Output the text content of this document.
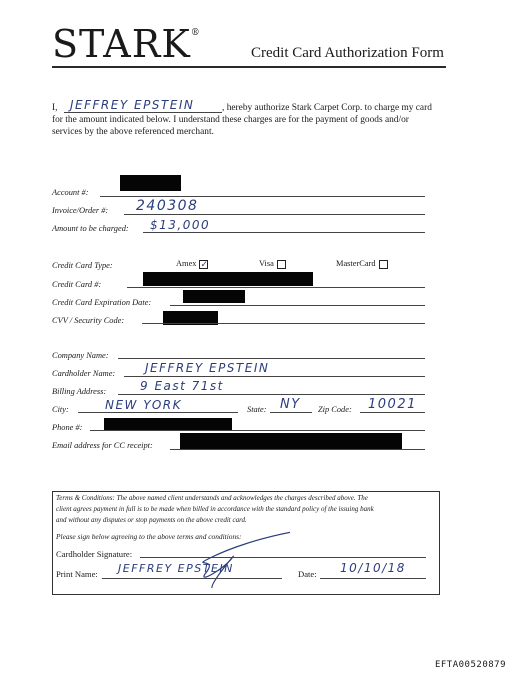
STARK®
Credit Card Authorization Form
I, JEFFREY EPSTEIN	, hereby authorize Stark Carpet Corp. to charge my card
for the amount indicated below. I understand these charges are for the payment of goods and/or
services by the above referenced merchant.
Account #:
Invoice/Order #: 240308
Amount to be charged: $13,000
Credit Card Type:	Amex ✓	Visa	MasterCard
Credit Card #:
Credit Card Expiration Date:
CVV / Security Code:
Company Name:
Cardholder Name: JEFFREY EPSTEIN
Billing Address:	9 East 71st
City:	NEW YORK	State: NY Zip Code: 10021
Phone #:
Email address for CC receipt:
Terms & Conditions: The above named client understands and acknowledges the charges described above. The
client agrees payment in full is to be made when billed in accordance with the standard policy of the issuing bank
and without any disputes or stop payments on the above credit card.
Please sign below agreeing to the above terms and conditions:
Cardholder Signature:
Print Name: JEFFREY EPSTEIN	Date: 10/10/18
EFTA00520879
